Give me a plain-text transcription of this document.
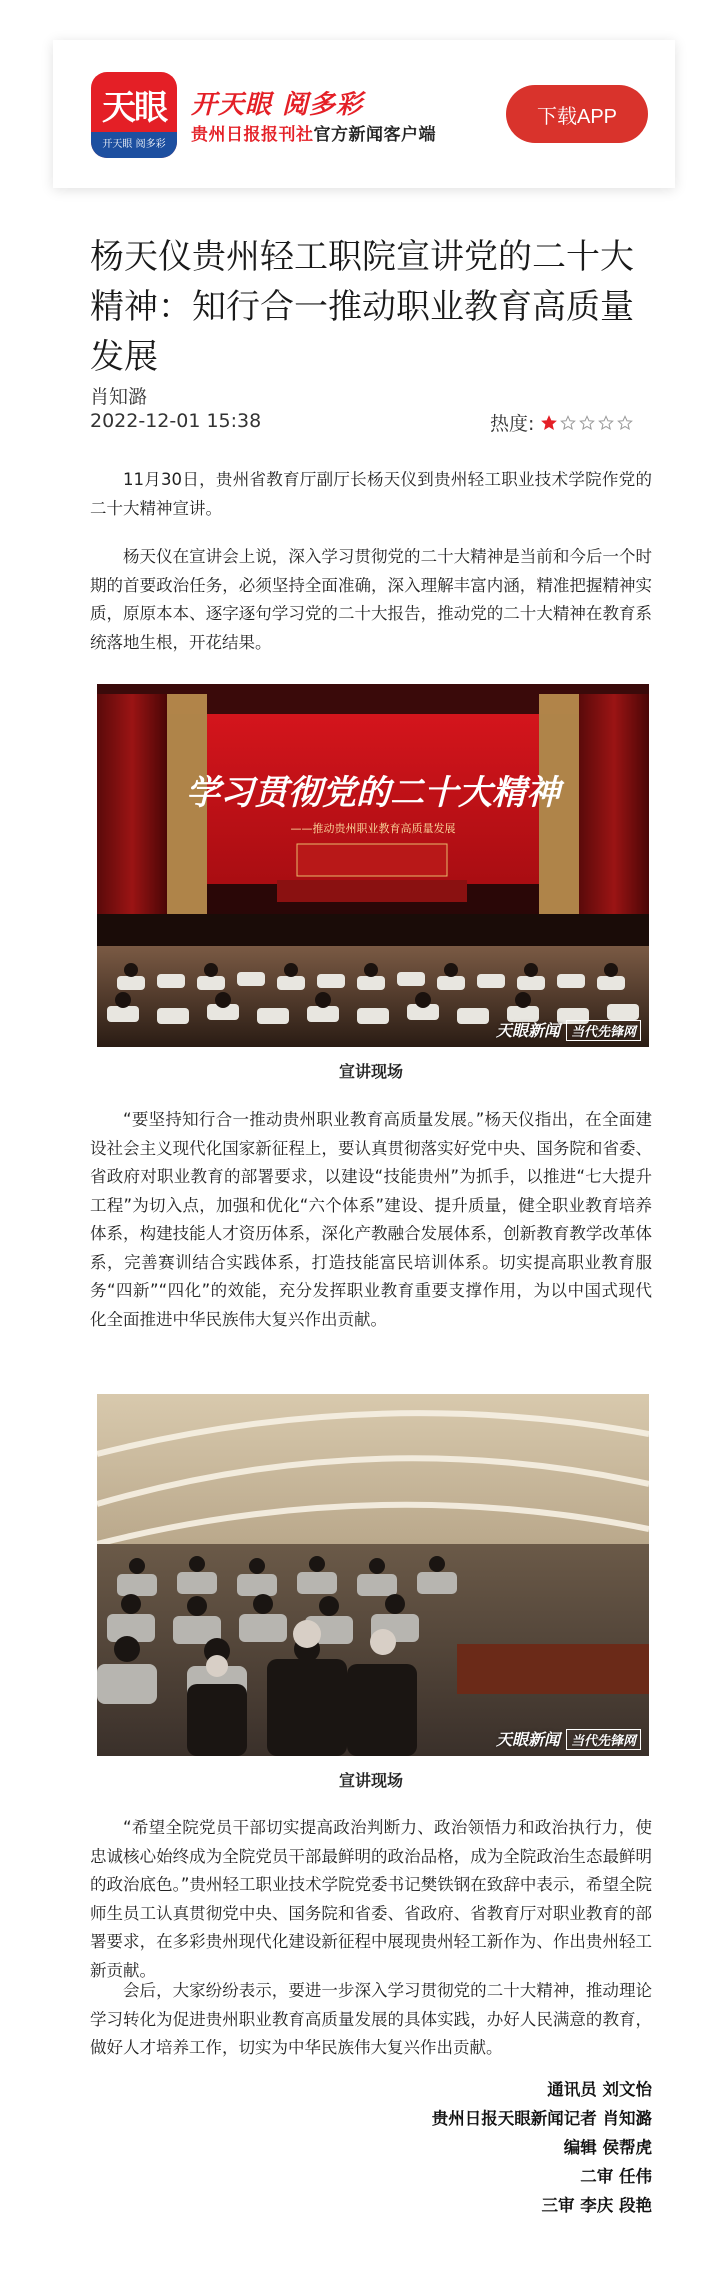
天眼
开天眼 阅多彩
开天眼 阅多彩
贵州日报报刊社官方新闻客户端
下载APP
杨天仪贵州轻工职院宣讲党的二十大精神：知行合一推动职业教育高质量发展
肖知潞
2022-12-01 15:38	热度:

11月30日，贵州省教育厅副厅长杨天仪到贵州轻工职业技术学院作党的二十大精神宣讲。

杨天仪在宣讲会上说，深入学习贯彻党的二十大精神是当前和今后一个时期的首要政治任务，必须坚持全面准确，深入理解丰富内涵，精准把握精神实质，原原本本、逐字逐句学习党的二十大报告，推动党的二十大精神在教育系统落地生根，开花结果。

学习贯彻党的二十大精神
——推动贵州职业教育高质量发展
天眼新闻 当代先锋网
宣讲现场

“要坚持知行合一推动贵州职业教育高质量发展。”杨天仪指出，在全面建设社会主义现代化国家新征程上，要认真贯彻落实好党中央、国务院和省委、省政府对职业教育的部署要求，以建设“技能贵州”为抓手，以推进“七大提升工程”为切入点，加强和优化“六个体系”建设、提升质量，健全职业教育培养体系，构建技能人才资历体系，深化产教融合发展体系，创新教育教学改革体系，完善赛训结合实践体系，打造技能富民培训体系。切实提高职业教育服务“四新”“四化”的效能，充分发挥职业教育重要支撑作用，为以中国式现代化全面推进中华民族伟大复兴作出贡献。

天眼新闻 当代先锋网
宣讲现场

“希望全院党员干部切实提高政治判断力、政治领悟力和政治执行力，使忠诚核心始终成为全院党员干部最鲜明的政治品格，成为全院政治生态最鲜明的政治底色。”贵州轻工职业技术学院党委书记樊铁钢在致辞中表示，希望全院师生员工认真贯彻党中央、国务院和省委、省政府、省教育厅对职业教育的部署要求，在多彩贵州现代化建设新征程中展现贵州轻工新作为、作出贵州轻工新贡献。

会后，大家纷纷表示，要进一步深入学习贯彻党的二十大精神，推动理论学习转化为促进贵州职业教育高质量发展的具体实践，办好人民满意的教育，做好人才培养工作，切实为中华民族伟大复兴作出贡献。

通讯员 刘文怡
贵州日报天眼新闻记者 肖知潞
编辑 侯帮虎
二审 任伟
三审 李庆 段艳
